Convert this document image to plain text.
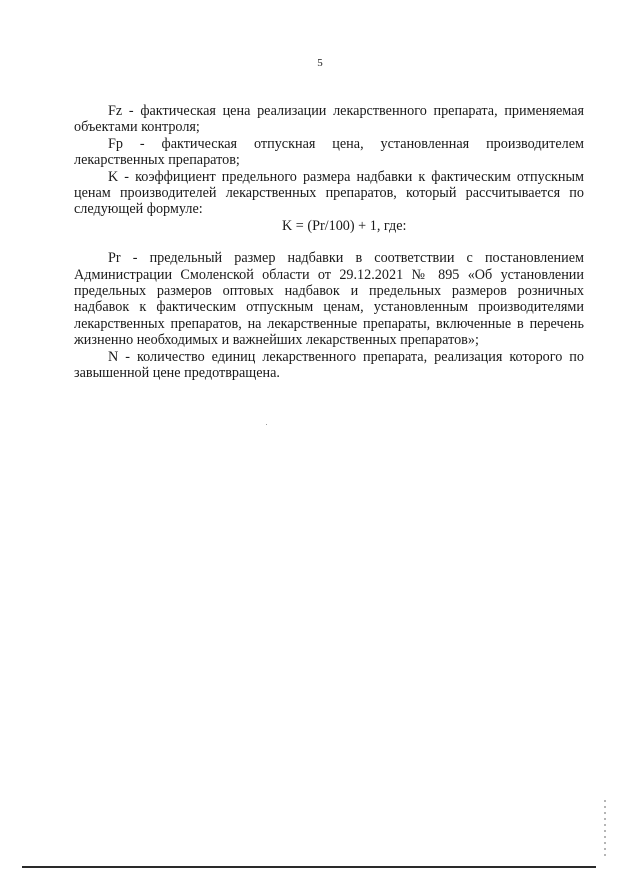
5

Fz - фактическая цена реализации лекарственного препарата, применяемая объектами контроля;

Fp - фактическая отпускная цена, установленная производителем лекарственных препаратов;

K - коэффициент предельного размера надбавки к фактическим отпускным ценам производителей лекарственных препаратов, который рассчитывается по следующей формуле:

K = (Pr/100) + 1, где:

Pr - предельный размер надбавки в соответствии с постановлением Администрации Смоленской области от 29.12.2021 № 895 «Об установлении предельных размеров оптовых надбавок и предельных размеров розничных надбавок к фактическим отпускным ценам, установленным производителями лекарственных препаратов, на лекарственные препараты, включенные в перечень жизненно необходимых и важнейших лекарственных препаратов»;

N - количество единиц лекарственного препарата, реализация которого по завышенной цене предотвращена.
